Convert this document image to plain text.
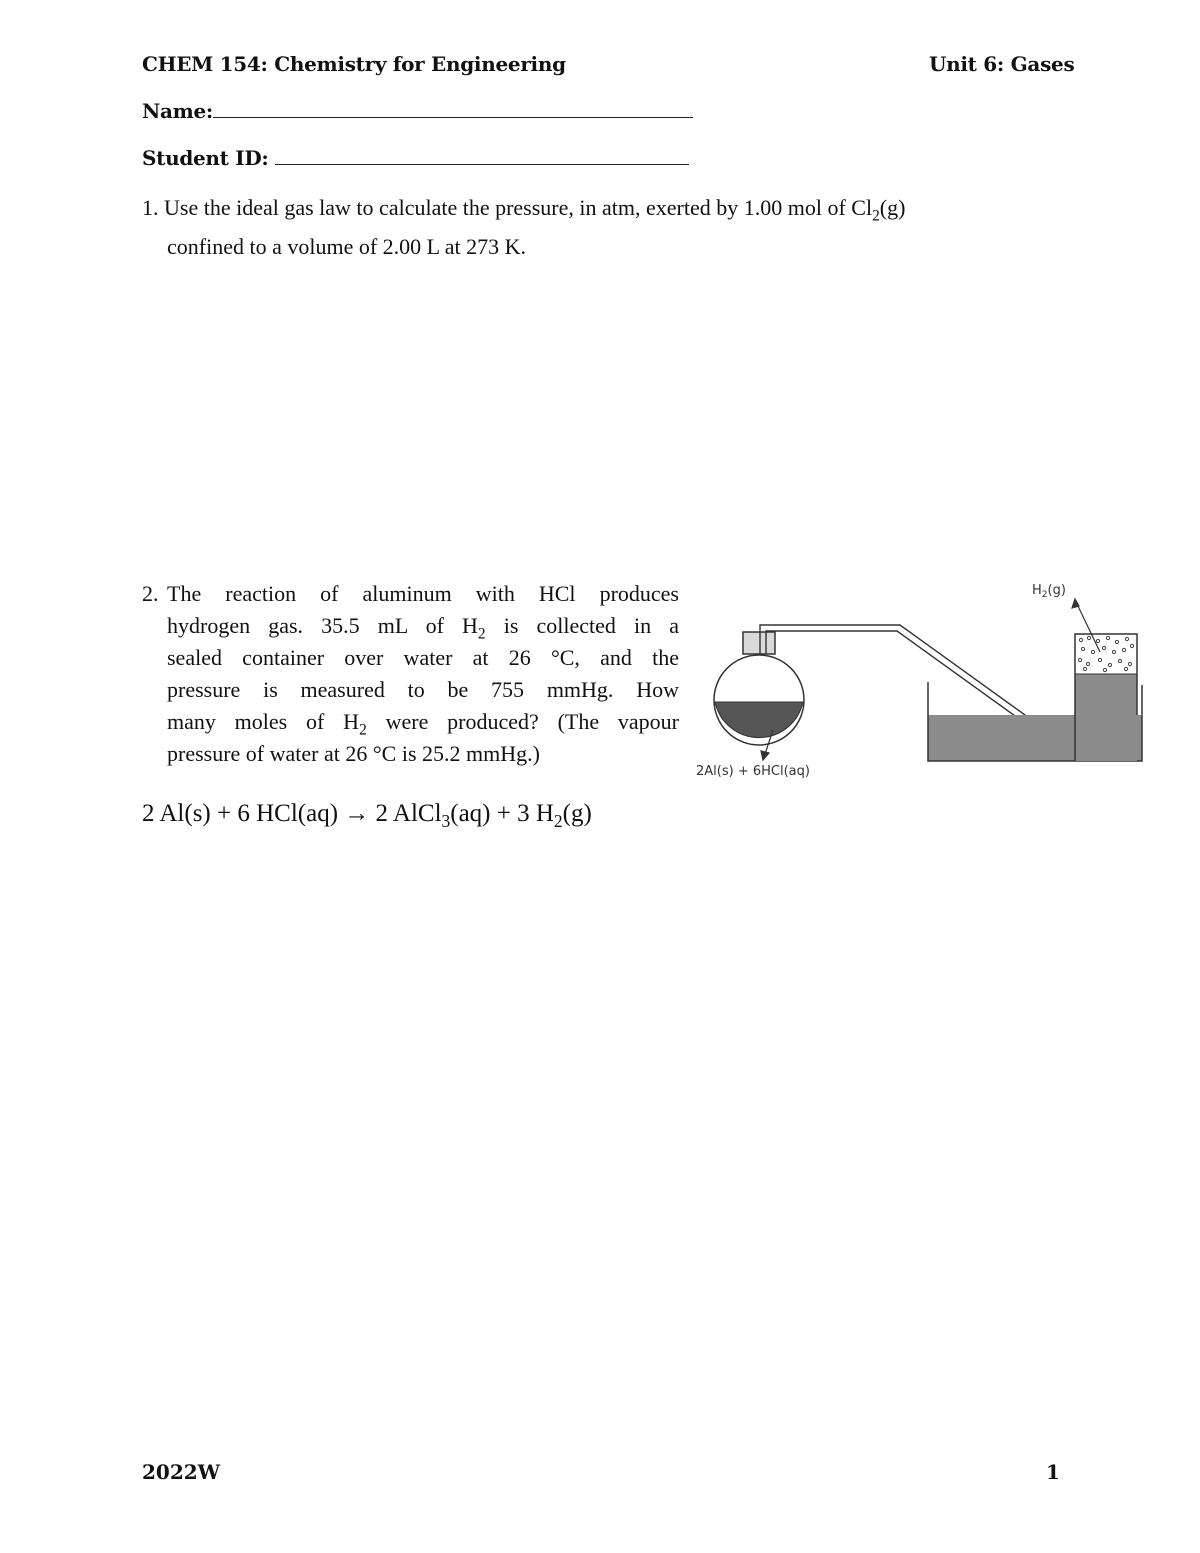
CHEM 154: Chemistry for Engineering	Unit 6: Gases
Name:
Student ID:
1. Use the ideal gas law to calculate the pressure, in atm, exerted by 1.00 mol of $Cl_2(g)$
confined to a volume of 2.00 L at 273 K.
2. The reaction of aluminum with HCl produces
hydrogen gas. 35.5 mL of $H_2$ is collected in a
sealed container over water at 26 °C, and the
pressure is measured to be 755 mmHg. How
many moles of $H_2$ were produced? (The vapour
pressure of water at 26 °C is 25.2 mmHg.)
2 Al(s) + 6 HCl(aq) → 2 AlCl$_3$(aq) + 3 $H_2(g)$
$H_2(g)$
2Al(s) + 6HCl(aq)
2022W	1
